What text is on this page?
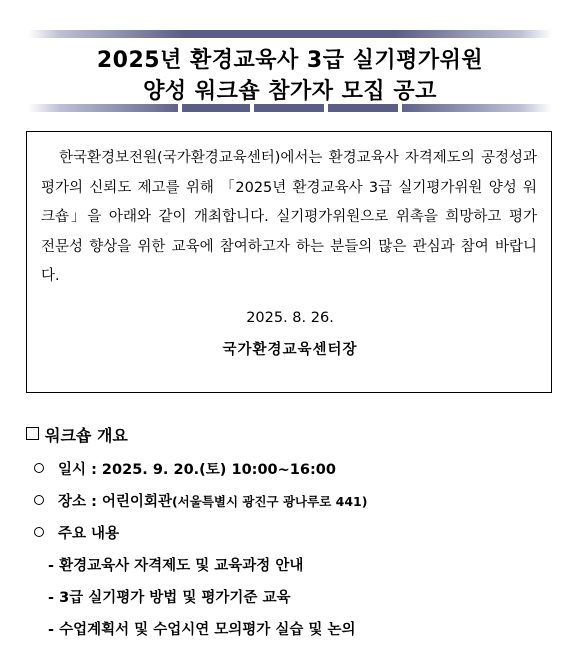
2025년 환경교육사 3급 실기평가위원
양성 워크숍 참가자 모집 공고

한국환경보전원(국가환경교육센터)에서는 환경교육사 자격제도의 공정성과 평가의 신뢰도 제고를 위해 「2025년 환경교육사 3급 실기평가위원 양성 워크숍」을 아래와 같이 개최합니다. 실기평가위원으로 위촉을 희망하고 평가 전문성 향상을 위한 교육에 참여하고자 하는 분들의 많은 관심과 참여 바랍니다.

2025. 8. 26.
국가환경교육센터장
워크숍 개요
일시 : 2025. 9. 20.(토) 10:00~16:00
장소 : 어린이회관(서울특별시 광진구 광나루로 441)
주요 내용
- 환경교육사 자격제도 및 교육과정 안내
- 3급 실기평가 방법 및 평가기준 교육
- 수업계획서 및 수업시연 모의평가 실습 및 논의
